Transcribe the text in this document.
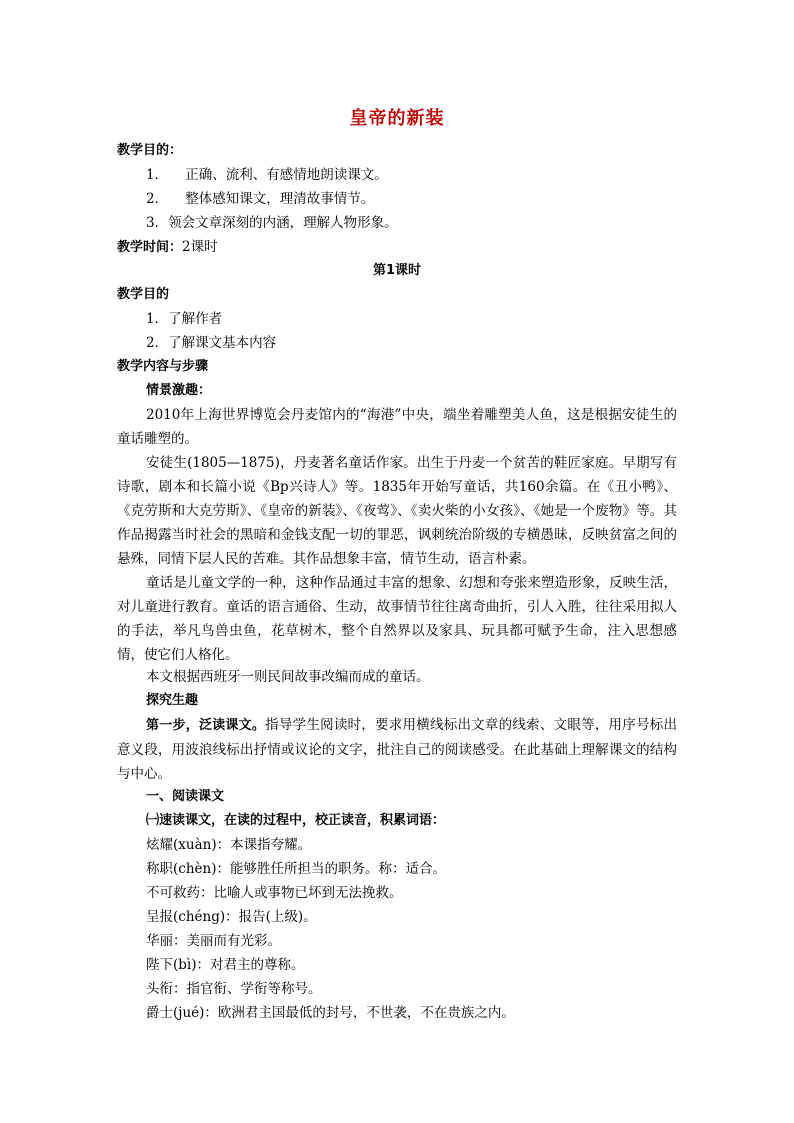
皇帝的新装
教学目的：
1．    正确、流利、有感情地朗读课文。
2．    整体感知课文，理清故事情节。
3．领会文章深刻的内涵，理解人物形象。
教学时间：2课时
第1课时
教学目的
1．了解作者
2．了解课文基本内容
教学内容与步骤
情景激趣：
2010年上海世界博览会丹麦馆内的“海港”中央，端坐着雕塑美人鱼，这是根据安徒生的童话雕塑的。
安徒生(1805—1875)，丹麦著名童话作家。出生于丹麦一个贫苦的鞋匠家庭。早期写有诗歌，剧本和长篇小说《Bp兴诗人》等。1835年开始写童话，共160余篇。在《丑小鸭》、《克劳斯和大克劳斯》、《皇帝的新装》、《夜莺》、《卖火柴的小女孩》、《她是一个废物》等。其作品揭露当时社会的黑暗和金钱支配一切的罪恶，讽刺统治阶级的专横愚昧，反映贫富之间的悬殊，同情下层人民的苦难。其作品想象丰富，情节生动，语言朴素。
童话是儿童文学的一种，这种作品通过丰富的想象、幻想和夸张来塑造形象，反映生活，对儿童进行教育。童话的语言通俗、生动，故事情节往往离奇曲折，引人入胜，往往采用拟人的手法，举凡鸟兽虫鱼，花草树木，整个自然界以及家具、玩具都可赋予生命，注入思想感情，使它们人格化。
本文根据西班牙一则民间故事改编而成的童话。
探究生趣
第一步，泛读课文。指导学生阅读时，要求用横线标出文章的线索、文眼等，用序号标出意义段，用波浪线标出抒情或议论的文字，批注自己的阅读感受。在此基础上理解课文的结构与中心。
一、阅读课文
㈠速读课文，在读的过程中，校正读音，积累词语：
炫耀(xuàn)：本课指夸耀。
称职(chèn)：能够胜任所担当的职务。称：适合。
不可救药：比喻人或事物已坏到无法挽救。
呈报(chéng)：报告(上级)。
华丽：美丽而有光彩。
陛下(bì)：对君主的尊称。
头衔：指官衔、学衔等称号。
爵士(jué)：欧洲君主国最低的封号，不世袭，不在贵族之内。
